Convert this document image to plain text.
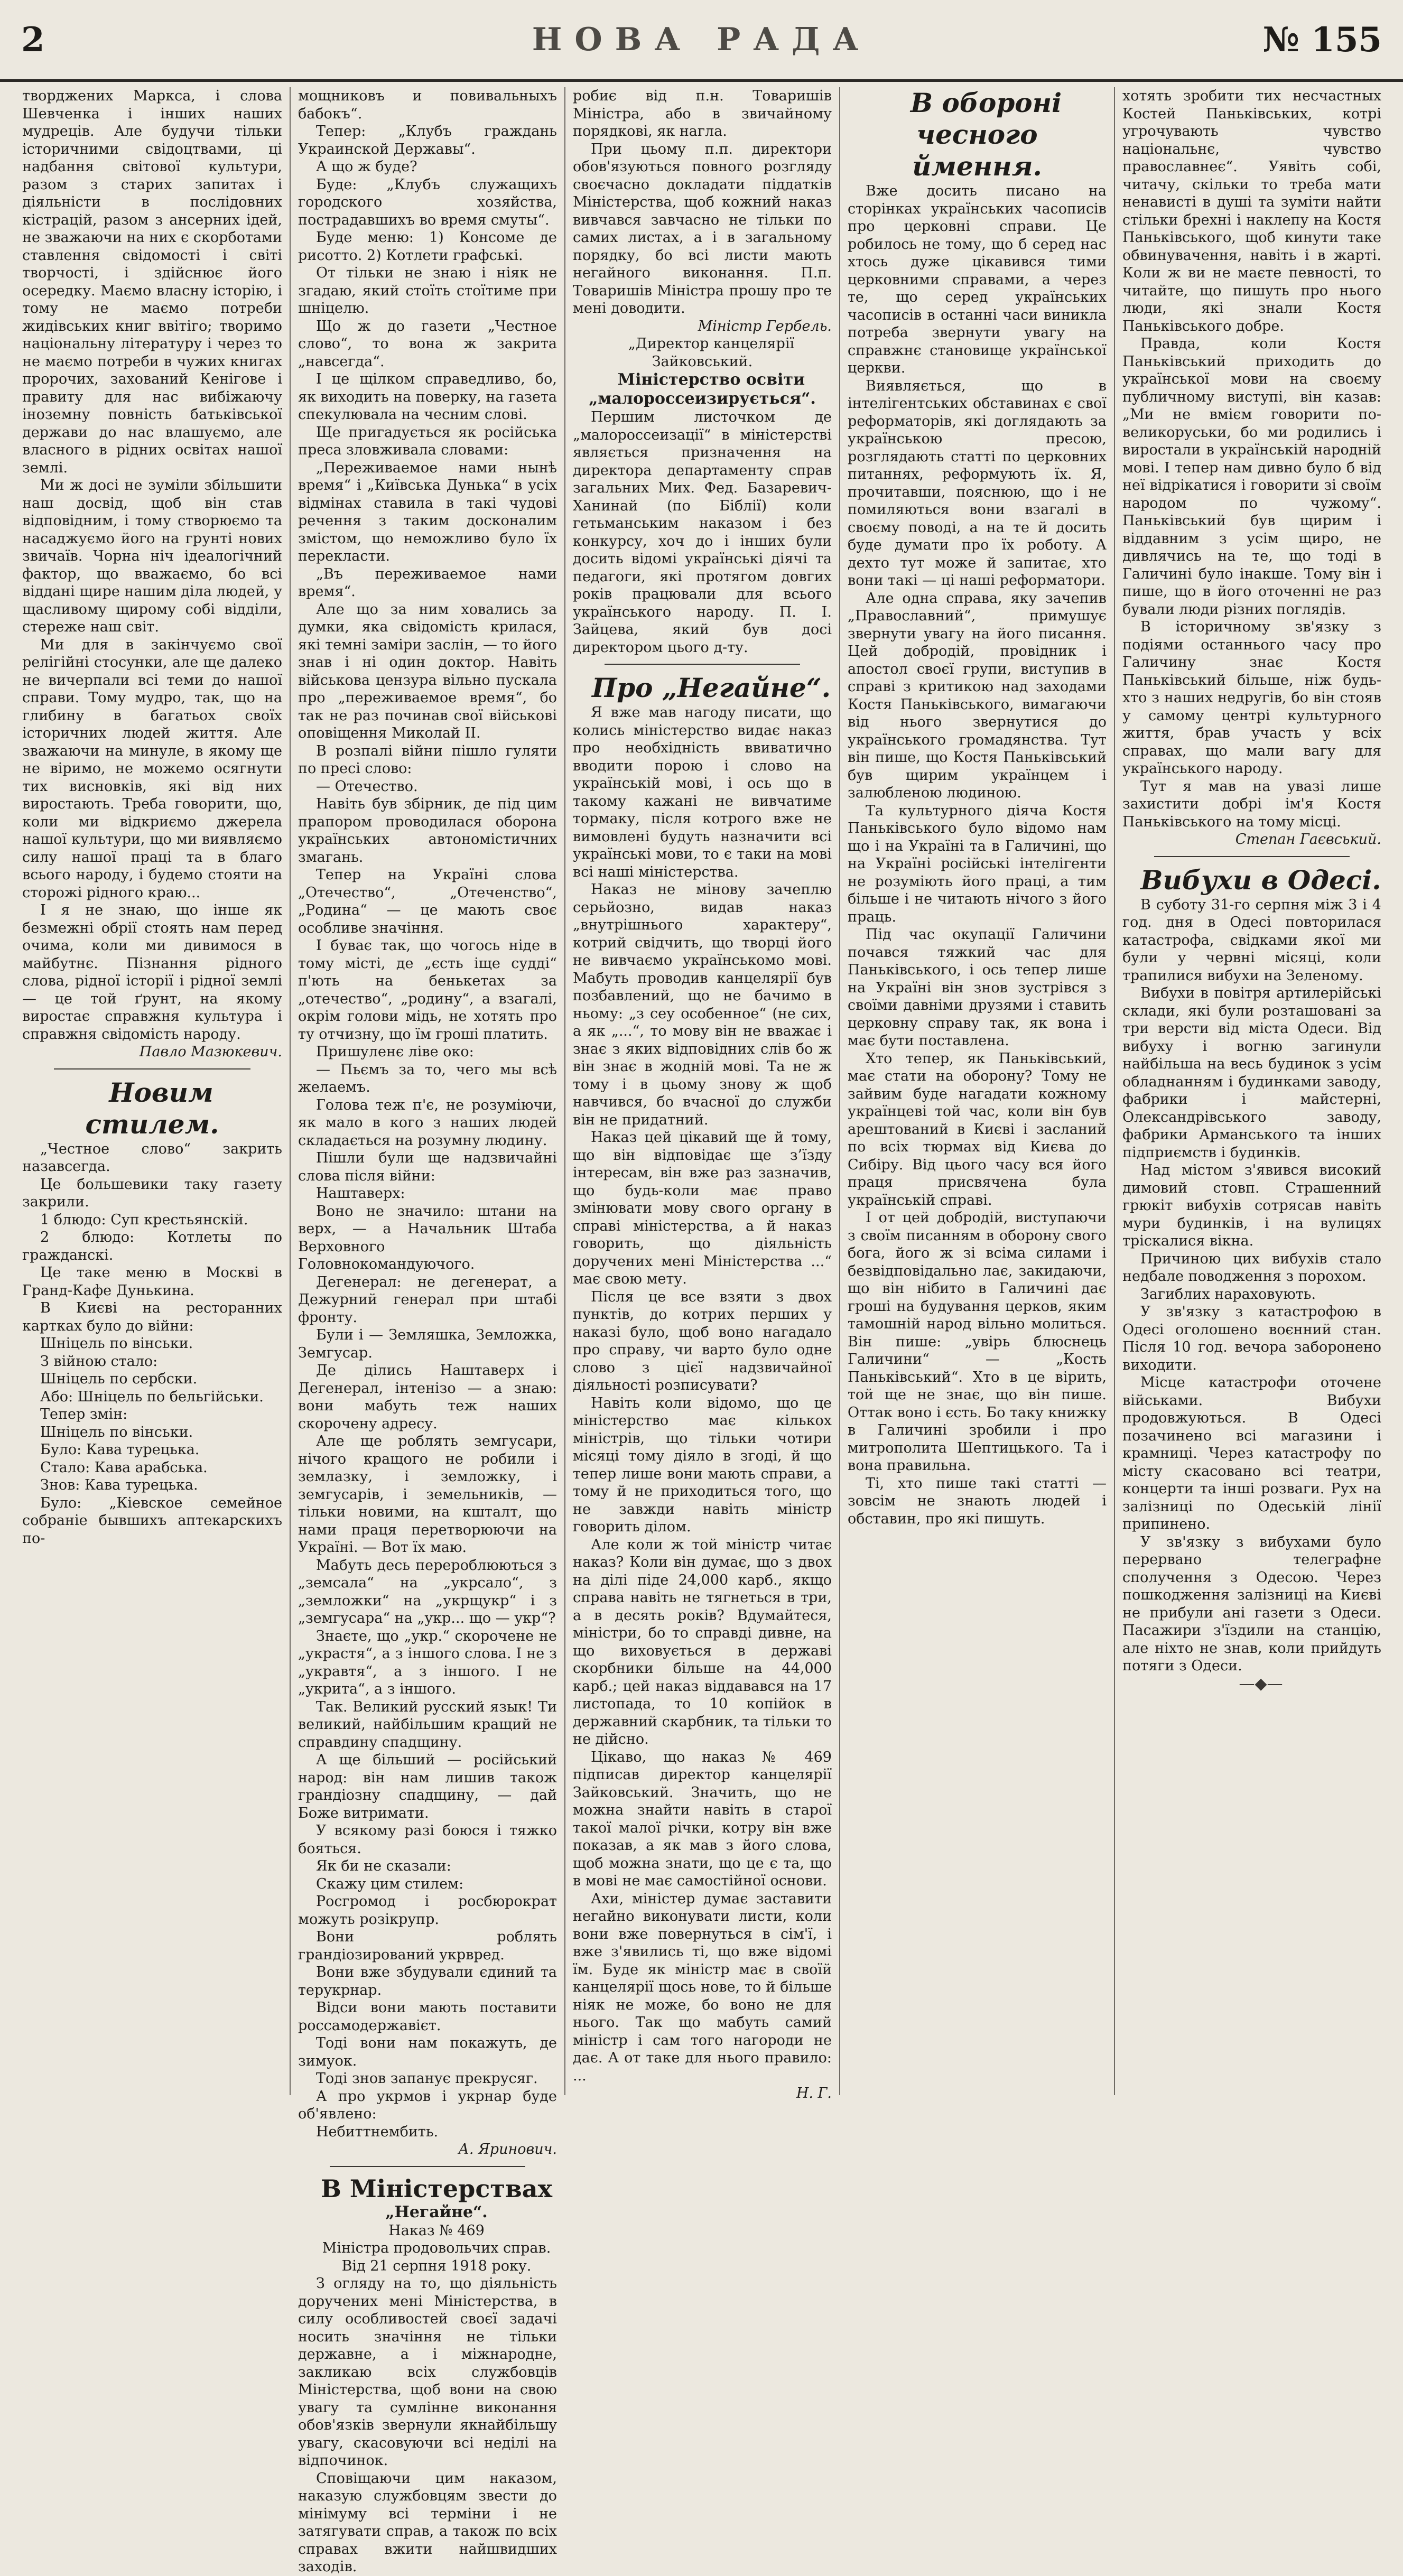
2	НОВА РАДА	№ 155

творджених Маркса, і слова Шевченка і інших наших мудреців. Але будучи тільки історичними свідоцтвами, ці надбання світової культури, разом з старих запитах і діяльністи в послідовних кістрацій, разом з ансерних ідей, не зважаючи на них є скорботами ставлення свідомості і світі творчості, і здійснює його осередку. Маємо власну історію, і тому не маємо потреби жидівських книг ввітіго; творимо національну літературу і через то не маємо потреби в чужих книгах пророчих, захований Кенігове і правиту для нас вибіжаючу іноземну повність батьківської держави до нас влашуємо, але власного в рідних освітах нашої землі.

Ми ж досі не зуміли збільшити наш досвід, щоб він став відповідним, і тому створюємо та насаджуємо його на грунті нових звичаїв. Чорна ніч ідеалогічний фактор, що вважаємо, бо всі віддані щире нашим діла людей, у щасливому щирому собі відділи, стереже наш світ.

Ми для в закінчуємо свої релігійні стосунки, але ще далеко не вичерпали всі теми до нашої справи. Тому мудро, так, що на глибину в багатьох своїх історичних людей життя. Але зважаючи на минуле, в якому ще не віримо, не можемо осягнути тих висновків, які від них виростають. Треба говорити, що, коли ми відкриємо джерела нашої культури, що ми виявляємо силу нашої праці та в благо всього народу, і будемо стояти на сторожі рідного краю...

І я не знаю, що інше як безмежні обрії стоять нам перед очима, коли ми дивимося в майбутнє. Пізнання рідного слова, рідної історії і рідної землі — це той ґрунт, на якому виростає справжня культура і справжня свідомість народу.

Павло Мазюкевич.

Новим стилем.

„Честное слово“ закрить назавсегда.

Це большевики таку газету закрили.

1 блюдо: Суп крестьянскій.

2 блюдо: Котлеты по гражданскі.

Це таке меню в Москві в Гранд-Кафе Дунькина.

В Києві на ресторанних картках було до війни:

Шніцель по вінськи.

З війною стало:

Шніцель по сербски.

Або: Шніцель по бельгійськи.

Тепер змін:

Шніцель по вінськи.

Було: Кава турецька.

Стало: Кава арабська.

Знов: Кава турецька.

Було: „Кіевское семейное собраніе бывшихъ аптекарскихъ по-

мощниковъ и повивальныхъ бабокъ“.

Тепер: „Клубъ граждань Украинской Державы“.

А що ж буде?

Буде: „Клубъ служащихъ городского хозяйства, пострадавшихъ во время смуты“.

Буде меню: 1) Консоме де рисотто. 2) Котлети графські.

От тільки не знаю і ніяк не згадаю, який стоїть стоїтиме при шніцелю.

Що ж до газети „Честное слово“, то вона ж закрита „навсегда“.

І це щілком справедливо, бо, як виходить на поверку, на газета спекулювала на чесним слові.

Ще пригадується як російська преса зловживала словами:

„Переживаемое нами нынѣ время“ і „Київська Дунька“ в усіх відмінах ставила в такі чудові речення з таким досконалим змістом, що неможливо було їх перекласти.

„Въ переживаемое нами время“.

Але що за ним ховались за думки, яка свідомість крилася, які темні заміри заслін, — то його знав і ні один доктор. Навіть військова цензура вільно пускала про „переживаемое время“, бо так не раз починав свої військові оповіщення Миколай II.

В розпалі війни пішло гуляти по пресі слово:

— Отечество.

Навіть був збірник, де під цим прапором проводилася оборона українських автономістичних змагань.

Тепер на Україні слова „Отечество“, „Отеченство“, „Родина“ — це мають своє особливе значіння.

І буває так, що чогось ніде в тому місті, де „єсть іще судді“ п'ють на бенькетах за „отечество“, „родину“, а взагалі, окрім голови мідь, не хотять про ту отчизну, що їм гроші платить.

Пришуленє ліве око:

— Пьємъ за то, чего мы всѣ желаемъ.

Голова теж п'є, не розуміючи, як мало в кого з наших людей складається на розумну людину.

Пішли були ще надзвичайні слова після війни:

Наштаверх:

Воно не значило: штани на верх, — а Начальник Штаба Верховного Головнокомандуючого.

Дегенерал: не дегенерат, а Дежурний генерал при штабі фронту.

Були і — Земляшка, Земложка, Земгусар.

Де ділись Наштаверх і Дегенерал, інтенізо — а знаю: вони мабуть теж наших скорочену адресу.

Але ще роблять земгусари, нічого кращого не робили і землазку, і земложку, і земгусарів, і земельників, — тільки новими, на кшталт, що нами праця перетворюючи на Україні. — Вот їх маю.

Мабуть десь перероблюються з „земсала“ на „укрсало“, з „земложки“ на „укрщукр“ і з „земгусара“ на „укр... що — укр“?

Знаєте, що „укр.“ скорочене не „украстя“, а з іншого слова. І не з „укравтя“, а з іншого. І не „укрита“, а з іншого.

Так. Великий русский язык! Ти великий, найбільшим кращий не справдину спадщину.

А ще більший — російський народ: він нам лишив також грандіозну спадщину, — дай Боже витримати.

У всякому разі боюся і тяжко бояться.

Як би не сказали:

Скажу цим стилем:

Росгромод і росбюрократ можуть розікрупр.

Вони роблять грандіозирований укрвред.

Вони вже збудували єдиний та терукрнар.

Відси вони мають поставити росcамодержавієт.

Тоді вони нам покажуть, де зимуок.

Тоді знов запанує прекрусяг.

А про укрмов і укрнар буде об'явлено:

Небиттнембить.

А. Яринович.

В Міністерствах

„Негайне“.

Наказ № 469

Міністра продовольчих справ.

Від 21 серпня 1918 року.

З огляду на то, що діяльність доручених мені Міністерства, в силу особливостей своєї задачі носить значіння не тільки державне, а і міжнародне, закликаю всіх службовців Міністерства, щоб вони на свою увагу та сумлінне виконання обов'язків звернули якнайбільшу увагу, скасовуючи всі неділі на відпочинок.

Сповіщаючи цим наказом, наказую службовцям звести до мінімуму всі терміни і не затягувати справ, а також по всіх справах вжити найшвидших заходів.

робиє від п.н. Товаришів Міністра, або в звичайному порядкові, як нагла.

При цьому п.п. директори обов'язуються повного розгляду своєчасно докладати піддатків Міністерства, щоб кожний наказ вивчався завчасно не тільки по самих листах, а і в загальному порядку, бо всі листи мають негайного виконання. П.п. Товаришів Міністра прошу про те мені доводити.

Міністр Гербель.

„Директор канцелярії Зайковський.

Міністерство освіти „малороссеизирується“.

Першим листочком де „малороссеизації“ в міністерстві являється призначення на директора департаменту справ загальних Мих. Фед. Базаревич-Ханинай (по Біблії) коли гетьманським наказом і без конкурсу, хоч до і інших були досить відомі українські діячі та педагоги, які протягом довгих років працювали для всього українського народу. П. І. Зайцева, який був досі директором цього д-ту.

Про „Негайне“.

Я вже мав нагоду писати, що колись міністерство видає наказ про необхідність ввиватично вводити порою і слово на українській мові, і ось що в такому кажані не вивчатиме тормаку, після котрого вже не вимовлені будуть назначити всі українські мови, то є таки на мові всі наші міністерства.

Наказ не мінову зачеплю серьйозно, видав наказ „внутрішнього характеру“, котрий свідчить, що творці його не вивчаємо українськомо мові. Мабуть проводив канцелярії був позбавлений, що не бачимо в ньому: „з сеу особенное“ (не сих, а як „...“, то мову він не вважає і знає з яких відповідних слів бо ж він знає в жодній мові. Та не ж тому і в цьому знову ж щоб навчився, бо вчасної до служби він не придатний.

Наказ цей цікавий ще й тому, що він відповідає ще з’їзду інтересам, він вже раз зазначив, що будь-коли має право змінювати мову свого органу в справі міністерства, а й наказ говорить, що діяльність доручених мені Міністерства ...“ має свою мету.

Після це все взяти з двох пунктів, до котрих перших у наказі було, щоб воно нагадало про справу, чи варто було одне слово з цієї надзвичайної діяльності розписувати?

Навіть коли відомо, що це міністерство має кількох міністрів, що тільки чотири місяці тому діяло в згоді, й що тепер лише вони мають справи, а тому й не приходиться того, що не завжди навіть міністр говорить ділом.

Але коли ж той міністр читає наказ? Коли він думає, що з двох на ділі піде 24,000 карб., якщо справа навіть не тягнеться в три, а в десять років? Вдумайтеся, міністри, бо то справді дивне, на що виховується в державі скорбники більше на 44,000 карб.; цей наказ віддавався на 17 листопада, то 10 копійок в державний скарбник, та тільки то не дійсно.

Цікаво, що наказ № 469 підписав директор канцелярії Зайковський. Значить, що не можна знайти навіть в старої такої малої річки, котру він вже показав, а як мав з його слова, щоб можна знати, що це є та, що в мові не має самостійної основи.

Ахи, міністер думає заставити негайно виконувати листи, коли вони вже повернуться в сім'ї, і вже з'явились ті, що вже відомі їм. Буде як міністр має в своїй канцелярії щось нове, то й більше ніяк не може, бо воно не для нього. Так що мабуть самий міністр і сам того нагороди не дає. А от таке для нього правило: ...

Н. Г.

В обороні чесного ймення.

Вже досить писано на сторінках українських часописів про церковні справи. Це робилось не тому, що б серед нас хтось дуже цікавився тими церковними справами, а через те, що серед українських часописів в останні часи виникла потреба звернути увагу на справжнє становище української церкви.

Виявляється, що в інтелігентських обставинах є свої реформаторів, які доглядають за українською пресою, розглядають статті по церковних питаннях, реформують їх. Я, прочитавши, пояснюю, що і не помиляються вони взагалі в своєму поводі, а на те й досить буде думати про їх роботу. А дехто тут може й запитає, хто вони такі — ці наші реформатори.

Але одна справа, яку зачепив „Православний“, примушує звернути увагу на його писання. Цей добродій, провідник і апостол своєї групи, виступив в справі з критикою над заходами Костя Паньківського, вимагаючи від нього звернутися до українського громадянства. Тут він пише, що Костя Паньківський був щирим українцем і залюбленою людиною.

Та культурного діяча Костя Паньківського було відомо нам що і на Україні та в Галичині, що на Україні російські інтелігенти не розуміють його праці, а тим більше і не читають нічого з його праць.

Під час окупації Галичини почався тяжкий час для Паньківського, і ось тепер лише на Україні він знов зустрівся з своїми давніми друзями і ставить церковну справу так, як вона і має бути поставлена.

Хто тепер, як Паньківський, має стати на оборону? Тому не зайвим буде нагадати кожному українцеві той час, коли він був арештований в Києві і засланий по всіх тюрмах від Києва до Сибіру. Від цього часу вся його праця присвячена була українській справі.

І от цей добродій, виступаючи з своїм писанням в оборону свого бога, його ж зі всіма силами і безвідповідально лає, закидаючи, що він нібито в Галичині дає гроші на будування церков, яким тамошній народ вільно молиться. Він пише: „увірь блюснець Галичини“ — „Кость Паньківський“. Хто в це вірить, той ще не знає, що він пише. Оттак воно і єсть. Бо таку книжку в Галичині зробили і про митрополита Шептицького. Та і вона правильна.

Ті, хто пише такі статті — зовсім не знають людей і обставин, про які пишуть.

хотять зробити тих несчастных Костей Паньківських, котрі угрочувають чувство національнє, чувство православнеє“. Уявіть собі, читачу, скільки то треба мати ненависті в душі та зуміти найти стільки брехні і наклепу на Костя Паньківського, щоб кинути таке обвинувачення, навіть і в жарті. Коли ж ви не маєте певності, то читайте, що пишуть про нього люди, які знали Костя Паньківського добре.

Правда, коли Костя Паньківський приходить до української мови на своєму публичному виступі, він казав: „Ми не вмієм говорити по-великоруськи, бо ми родились і виростали в українській народній мові. І тепер нам дивно було б від неї відрікатися і говорити зі своїм народом по чужому“. Паньківський був щирим і віддавним з усім щиро, не дивлячись на те, що тоді в Галичині було інакше. Тому він і пише, що в його оточенні не раз бували люди різних поглядів.

В історичному зв'язку з подіями останнього часу про Галичину знає Костя Паньківський більше, ніж будь-хто з наших недругів, бо він стояв у самому центрі культурного життя, брав участь у всіх справах, що мали вагу для українського народу.

Тут я мав на увазі лише захистити добрі ім'я Костя Паньківського на тому місці.

Степан Гаєвський.

Вибухи в Одесі.

В суботу 31-го серпня між 3 і 4 год. дня в Одесі повторилася катастрофа, свідками якої ми були у червні місяці, коли трапилися вибухи на Зеленому.

Вибухи в повітря артилерійські склади, які були розташовані за три версти від міста Одеси. Від вибуху і вогню загинули найбільша на весь будинок з усім обладнанням і будинками заводу, фабрики і майстерні, Олександрівського заводу, фабрики Арманського та інших підприємств і будинків.

Над містом з'явився високий димовий стовп. Страшенний грюкіт вибухів сотрясав навіть мури будинків, і на вулицях тріскалися вікна.

Причиною цих вибухів стало недбале поводження з порохом.

Загиблих нараховують.

У зв'язку з катастрофою в Одесі оголошено воєнний стан. Після 10 год. вечора заборонено виходити.

Місце катастрофи оточене військами. Вибухи продовжуються. В Одесі позачинено всі магазини і крамниці. Через катастрофу по місту скасовано всі театри, концерти та інші розваги. Рух на залізниці по Одеській лінії припинено.

У зв'язку з вибухами було перервано телеграфне сполучення з Одесою. Через пошкодження залізниці на Києві не прибули ані газети з Одеси. Пасажири з'їздили на станцію, але ніхто не знав, коли прийдуть потяги з Одеси.

—◆—
